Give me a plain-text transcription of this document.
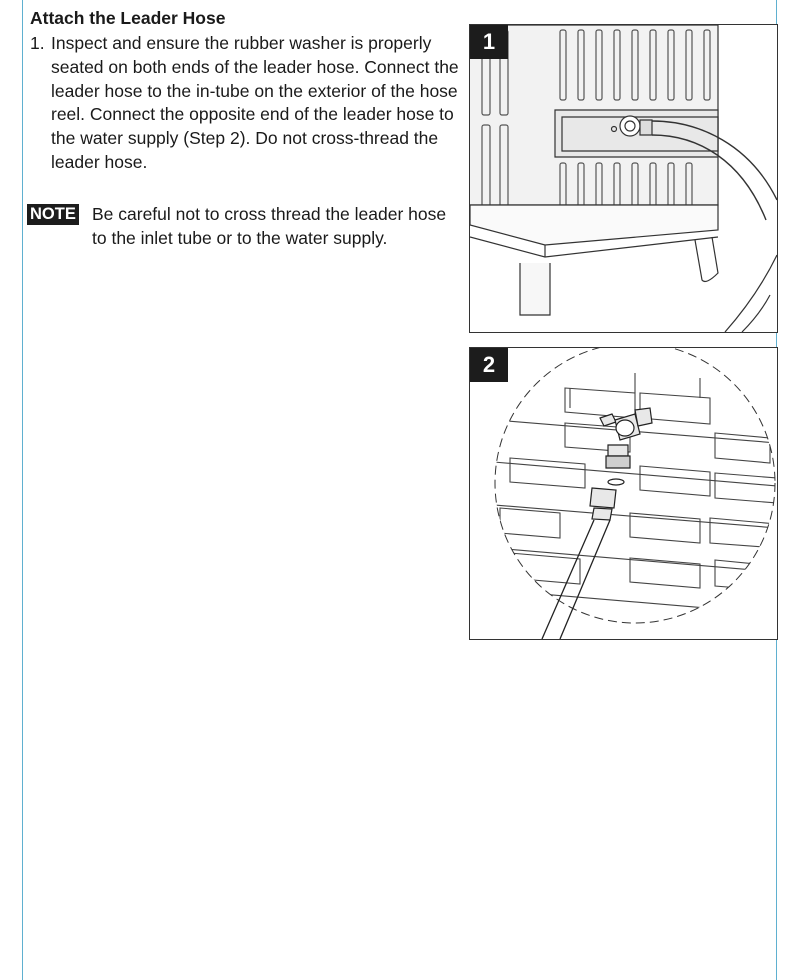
Attach the Leader Hose
1. Inspect and ensure the rubber washer is properly seated on both ends of the leader hose. Connect the leader hose to the in-tube on the exterior of the hose reel. Connect the opposite end of the leader hose to the water supply (Step 2). Do not cross-thread the leader hose.
NOTE Be careful not to cross thread the leader hose to the inlet tube or to the water supply.
1
2
